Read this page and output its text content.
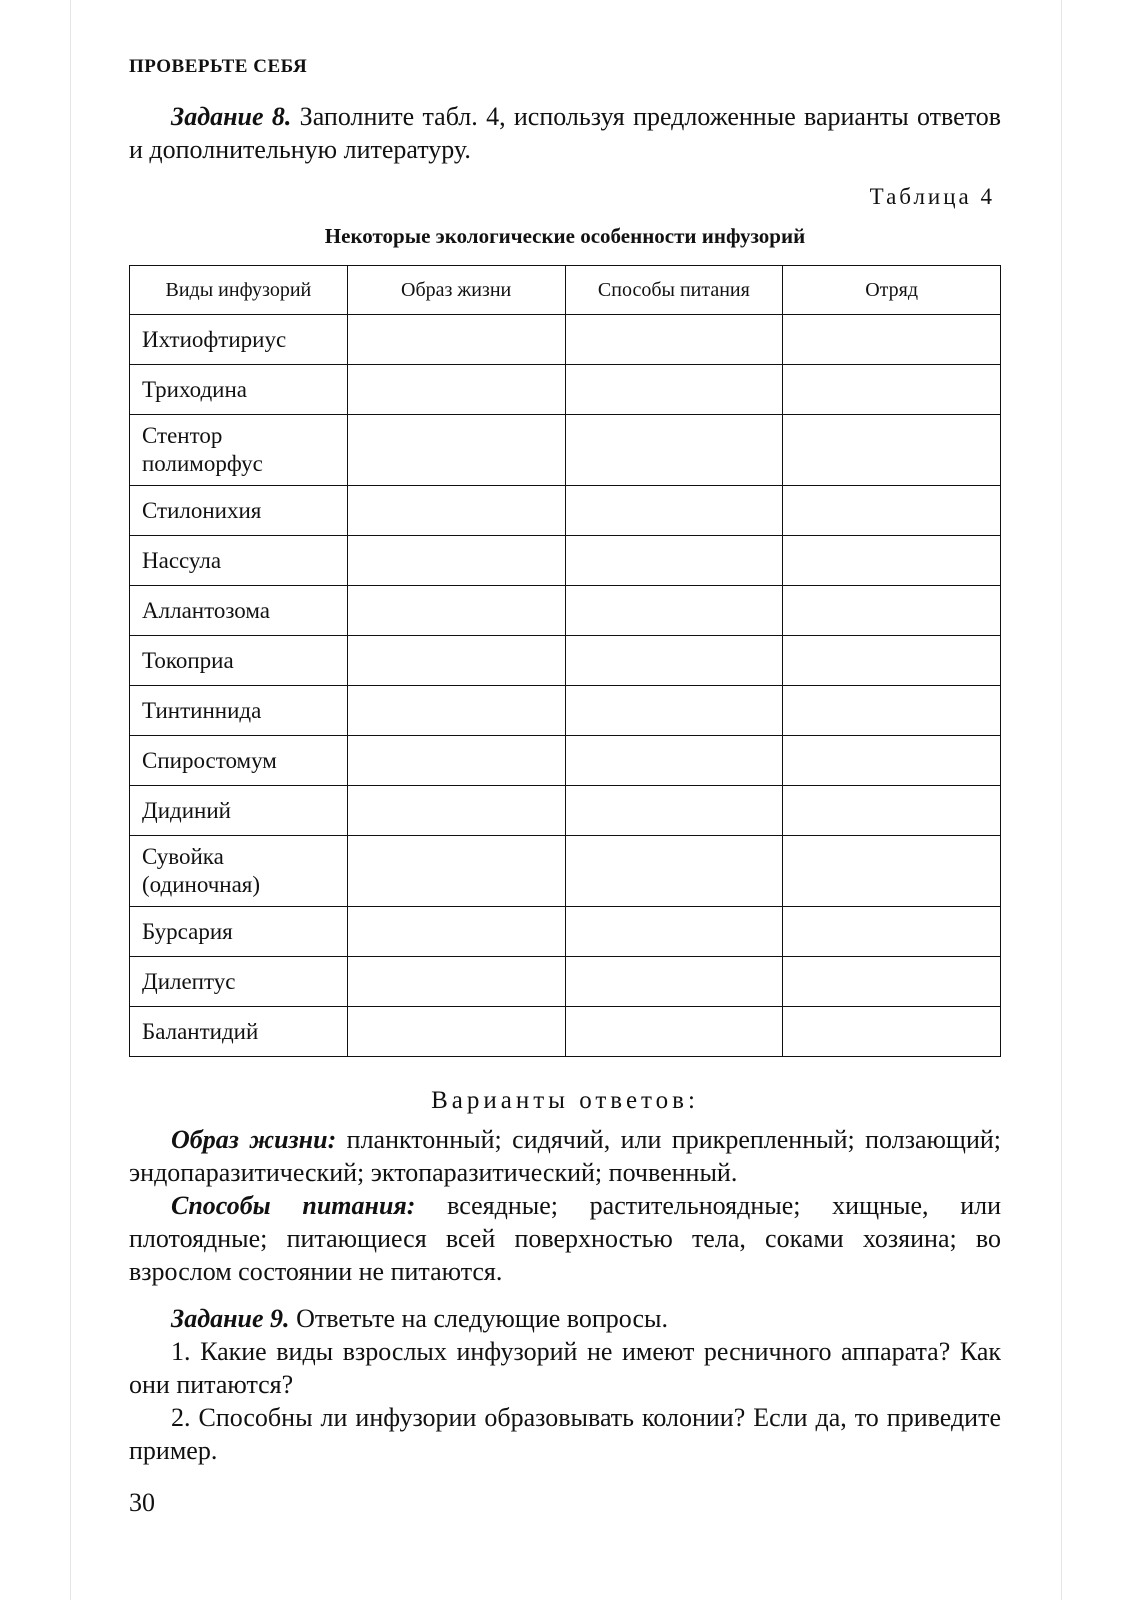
ПРОВЕРЬТЕ СЕБЯ

Задание 8. Заполните табл. 4, используя предложенные варианты ответов и дополнительную литературу.

Таблица 4
Некоторые экологические особенности инфузорий
Виды инфузорий	Образ жизни	Способы питания	Отряд
Ихтиофтириус			
Триходина			
Стентор полиморфус			
Стилонихия			
Нассула			
Аллантозома			
Токоприа			
Тинтиннида			
Спиростомум			
Дидиний			
Сувойка (одиночная)			
Бурсария			
Дилептус			
Балантидий			
Варианты ответов:

Образ жизни: планктонный; сидячий, или прикрепленный; ползающий; эндопаразитический; эктопаразитический; почвенный.

Способы питания: всеядные; растительноядные; хищные, или плотоядные; питающиеся всей поверхностью тела, соками хозяина; во взрослом состоянии не питаются.

Задание 9. Ответьте на следующие вопросы.

1. Какие виды взрослых инфузорий не имеют ресничного аппарата? Как они питаются?

2. Способны ли инфузории образовывать колонии? Если да, то приведите пример.

30
